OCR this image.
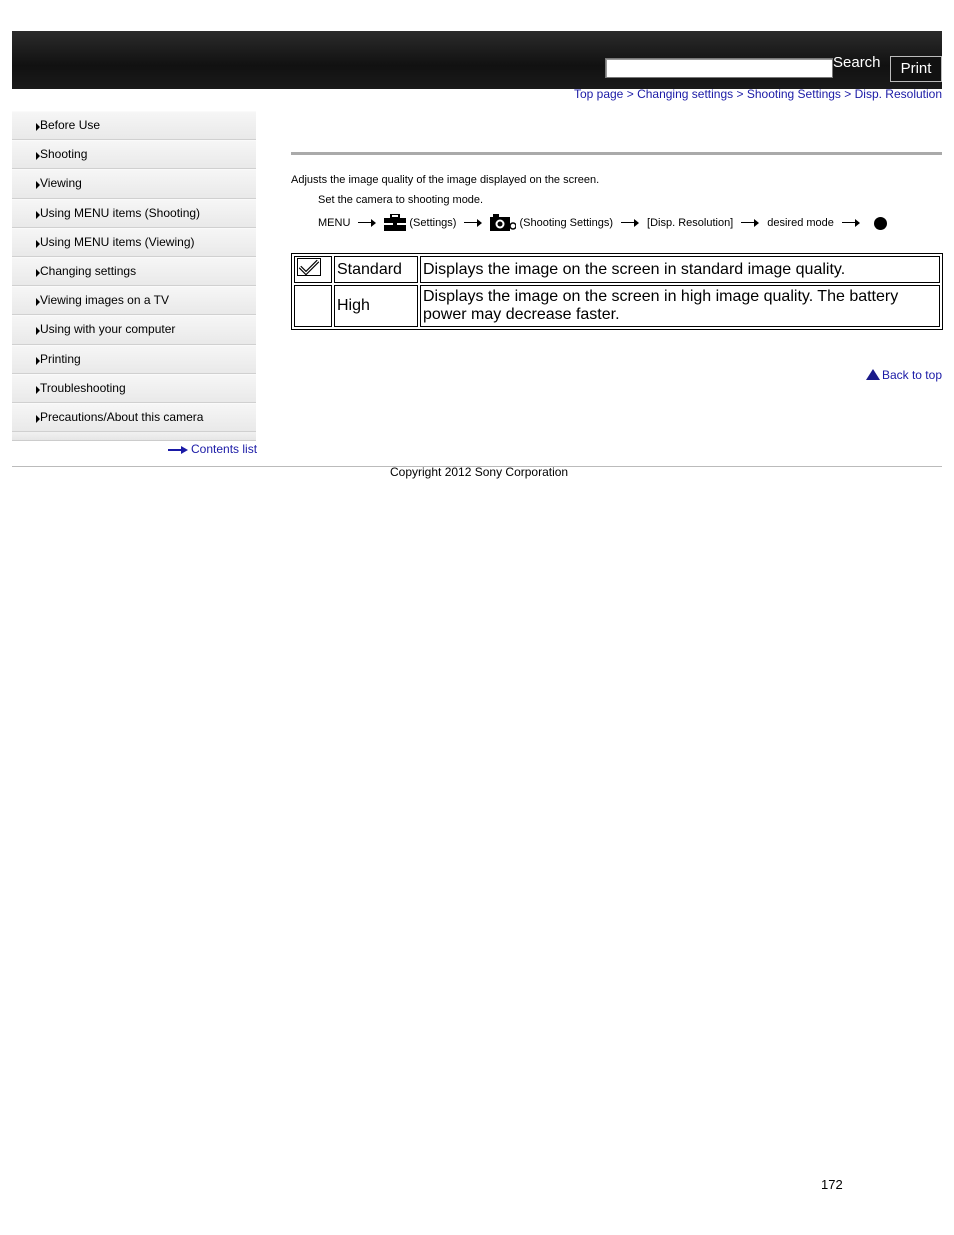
Search	Print
Top page > Changing settings > Shooting Settings > Disp. Resolution
Before Use
Shooting
Viewing
Using MENU items (Shooting)
Using MENU items (Viewing)
Changing settings
Viewing images on a TV
Using with your computer
Printing
Troubleshooting
Precautions/About this camera
Contents list
Adjusts the image quality of the image displayed on the screen.
Set the camera to shooting mode.
MENU	(Settings)	(Shooting Settings)	[Disp. Resolution]	desired mode
	Standard	Displays the image on the screen in standard image quality.
	High	Displays the image on the screen in high image quality. The battery power may decrease faster.
Back to top
Copyright 2012 Sony Corporation
172
